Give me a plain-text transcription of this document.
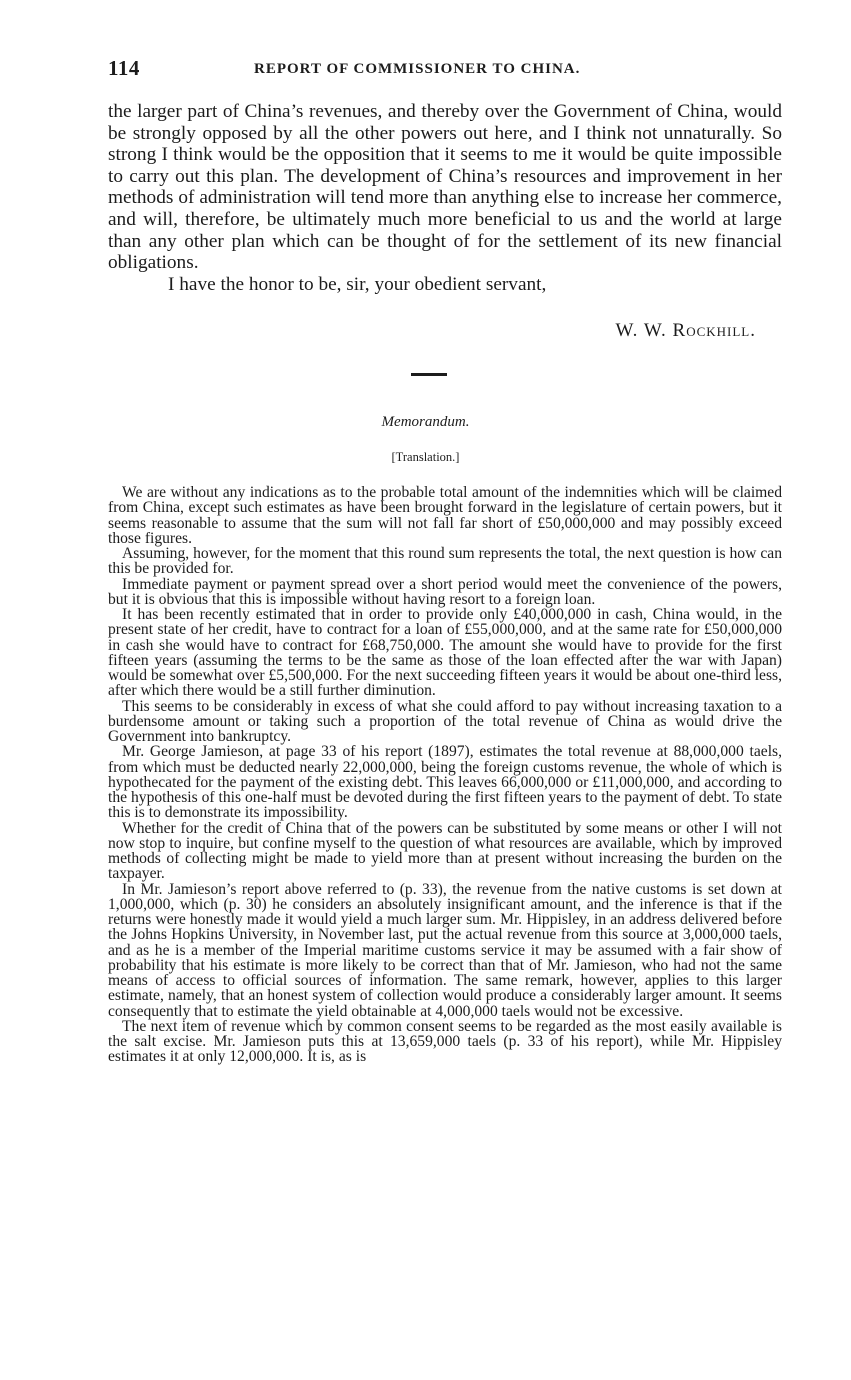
114	REPORT OF COMMISSIONER TO CHINA.

the larger part of China’s revenues, and thereby over the Government of China, would be strongly opposed by all the other powers out here, and I think not unnaturally. So strong I think would be the opposition that it seems to me it would be quite impossible to carry out this plan. The development of China’s resources and improvement in her methods of administration will tend more than anything else to increase her commerce, and will, therefore, be ultimately much more beneficial to us and the world at large than any other plan which can be thought of for the settlement of its new financial obligations.

I have the honor to be, sir, your obedient servant,

W. W. Rockhill.
Memorandum.
[Translation.]

We are without any indications as to the probable total amount of the indemnities which will be claimed from China, except such estimates as have been brought forward in the legislature of certain powers, but it seems reasonable to assume that the sum will not fall far short of £50,000,000 and may possibly exceed those figures.

Assuming, however, for the moment that this round sum represents the total, the next question is how can this be provided for.

Immediate payment or payment spread over a short period would meet the convenience of the powers, but it is obvious that this is impossible without having resort to a foreign loan.

It has been recently estimated that in order to provide only £40,000,000 in cash, China would, in the present state of her credit, have to contract for a loan of £55,000,000, and at the same rate for £50,000,000 in cash she would have to contract for £68,750,000. The amount she would have to provide for the first fifteen years (assuming the terms to be the same as those of the loan effected after the war with Japan) would be somewhat over £5,500,000. For the next succeeding fifteen years it would be about one-third less, after which there would be a still further diminution.

This seems to be considerably in excess of what she could afford to pay without increasing taxation to a burdensome amount or taking such a proportion of the total revenue of China as would drive the Government into bankruptcy.

Mr. George Jamieson, at page 33 of his report (1897), estimates the total revenue at 88,000,000 taels, from which must be deducted nearly 22,000,000, being the foreign customs revenue, the whole of which is hypothecated for the payment of the existing debt. This leaves 66,000,000 or £11,000,000, and according to the hypothesis of this one-half must be devoted during the first fifteen years to the payment of debt. To state this is to demonstrate its impossibility.

Whether for the credit of China that of the powers can be substituted by some means or other I will not now stop to inquire, but confine myself to the question of what resources are available, which by improved methods of collecting might be made to yield more than at present without increasing the burden on the taxpayer.

In Mr. Jamieson’s report above referred to (p. 33), the revenue from the native customs is set down at 1,000,000, which (p. 30) he considers an absolutely insignificant amount, and the inference is that if the returns were honestly made it would yield a much larger sum. Mr. Hippisley, in an address delivered before the Johns Hopkins University, in November last, put the actual revenue from this source at 3,000,000 taels, and as he is a member of the Imperial maritime customs service it may be assumed with a fair show of probability that his estimate is more likely to be correct than that of Mr. Jamieson, who had not the same means of access to official sources of information. The same remark, however, applies to this larger estimate, namely, that an honest system of collection would produce a considerably larger amount. It seems consequently that to estimate the yield obtainable at 4,000,000 taels would not be excessive.

The next item of revenue which by common consent seems to be regarded as the most easily available is the salt excise. Mr. Jamieson puts this at 13,659,000 taels (p. 33 of his report), while Mr. Hippisley estimates it at only 12,000,000. It is, as is
